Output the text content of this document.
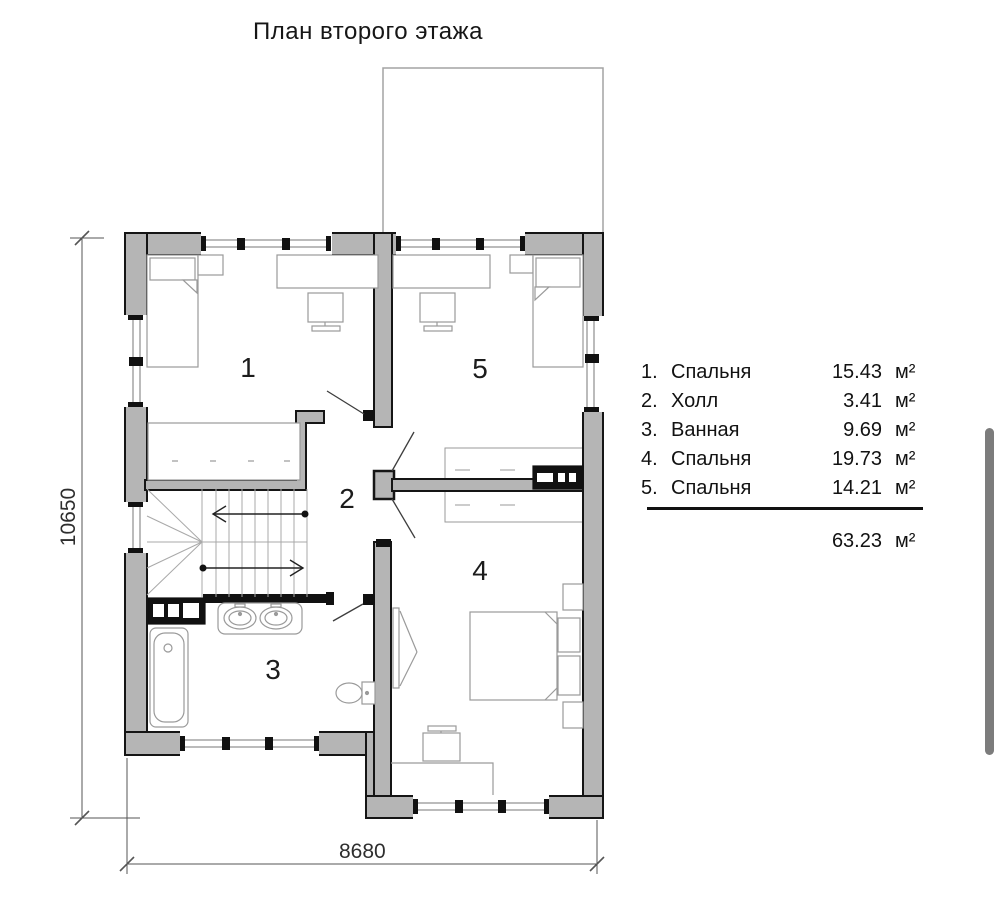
План второго этажа
1
2
3
4
5
10650
8680
1. Спальня	15.43 м²
2. Холл	3.41 м²
3. Ванная	9.69 м²
4. Спальня	19.73 м²
5. Спальня	14.21 м²
63.23 м²
